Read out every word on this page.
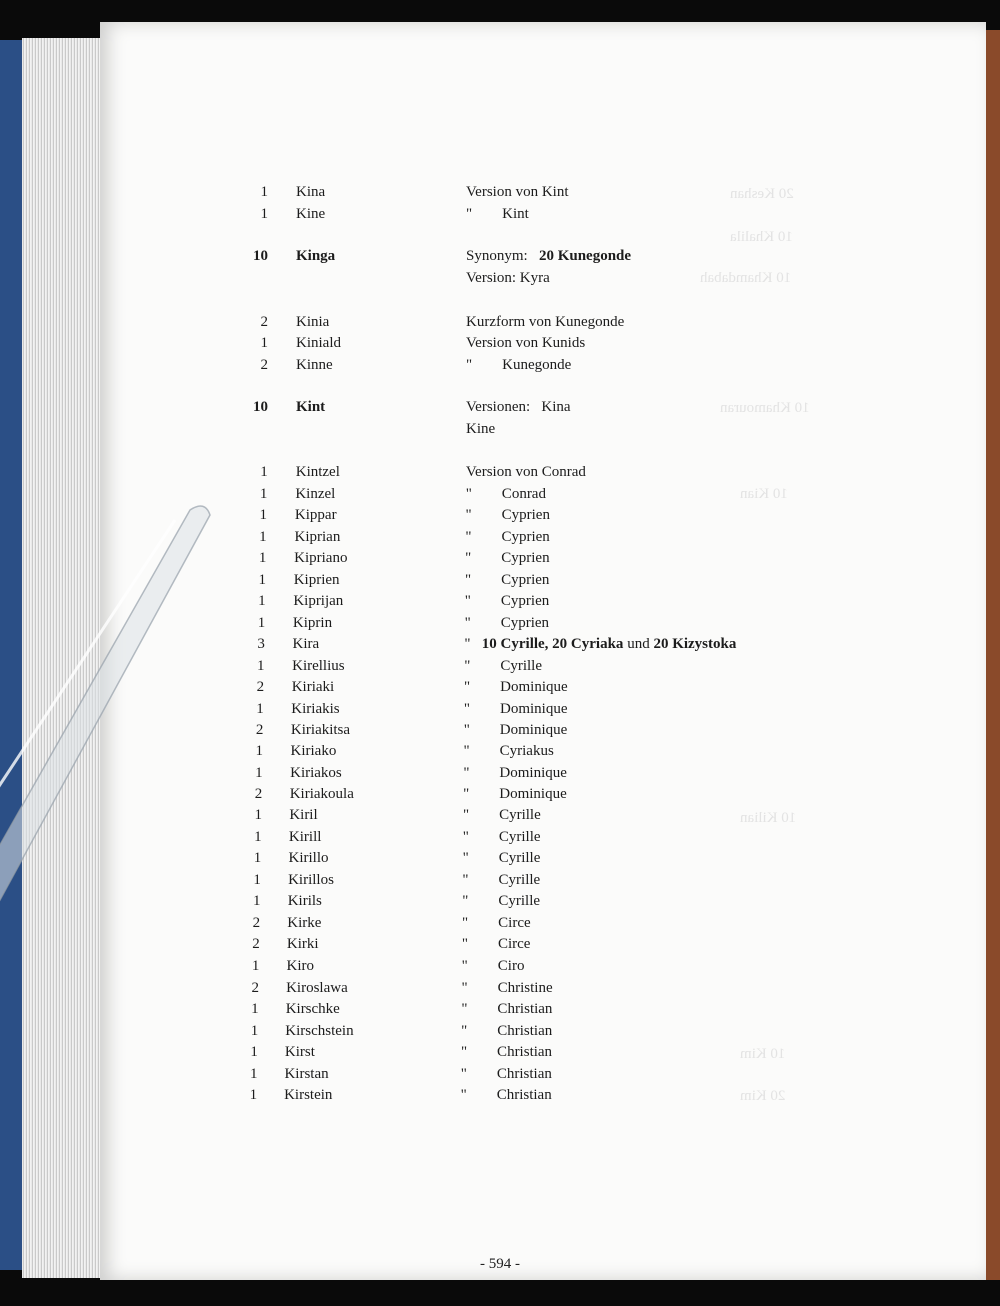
20 Keshan
10 Khalila
10 Khamdabah
10 Khamouran
10 Kian
10 Kilian
10 Kim
20 Kim
1 Kina	Version von Kint
1 Kine	"        Kint
10 Kinga	Synonym:   20 Kunegonde
Version: Kyra
2 Kinia	Kurzform von Kunegonde
1 Kiniald	Version von Kunids
2 Kinne	"        Kunegonde
10 Kint	Versionen:   Kina
Kine
1 Kintzel	Version von Conrad
1 Kinzel	"        Conrad
1 Kippar	"        Cyprien
1 Kiprian	"        Cyprien
1 Kipriano	"        Cyprien
1 Kiprien	"        Cyprien
1 Kiprijan	"        Cyprien
1 Kiprin	"        Cyprien
3 Kira	"   10 Cyrille, 20 Cyriaka und 20 Kizystoka
1 Kirellius	"        Cyrille
2 Kiriaki	"        Dominique
1 Kiriakis	"        Dominique
2 Kiriakitsa	"        Dominique
1 Kiriako	"        Cyriakus
1 Kiriakos	"        Dominique
2 Kiriakoula	"        Dominique
1 Kiril	"        Cyrille
1 Kirill	"        Cyrille
1 Kirillo	"        Cyrille
1 Kirillos	"        Cyrille
1 Kirils	"        Cyrille
2 Kirke	"        Circe
2 Kirki	"        Circe
1 Kiro	"        Ciro
2 Kiroslawa	"        Christine
1 Kirschke	"        Christian
1 Kirschstein	"        Christian
1 Kirst	"        Christian
1 Kirstan	"        Christian
1 Kirstein	"        Christian
- 594 -
